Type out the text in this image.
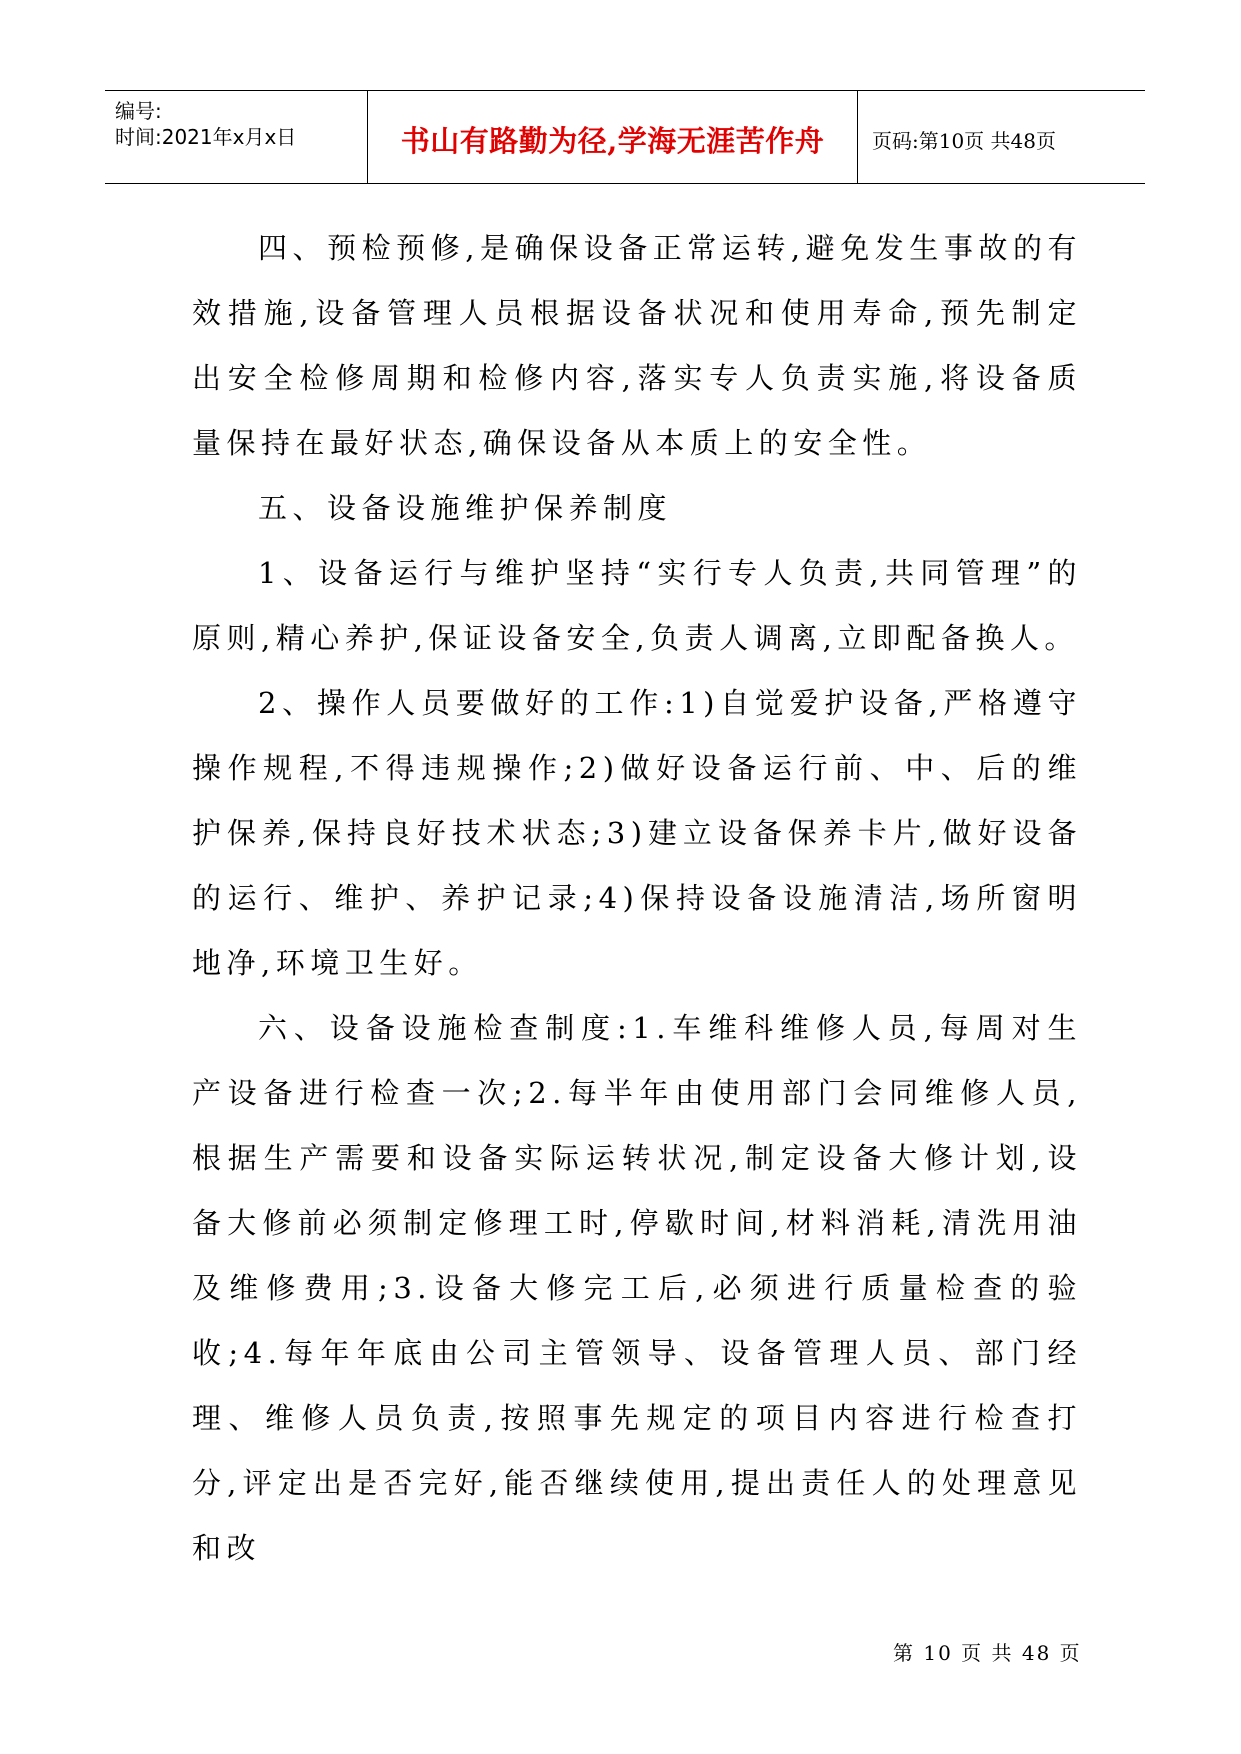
编号:
时间:2021年x月x日	书山有路勤为径,学海无涯苦作舟	页码:第10页 共48页

四、预检预修,是确保设备正常运转,避免发生事故的有效措施,设备管理人员根据设备状况和使用寿命,预先制定出安全检修周期和检修内容,落实专人负责实施,将设备质量保持在最好状态,确保设备从本质上的安全性。

五、设备设施维护保养制度

1、设备运行与维护坚持“实行专人负责,共同管理”的原则,精心养护,保证设备安全,负责人调离,立即配备换人。

2、操作人员要做好的工作:1)自觉爱护设备,严格遵守操作规程,不得违规操作;2)做好设备运行前、中、后的维护保养,保持良好技术状态;3)建立设备保养卡片,做好设备的运行、维护、养护记录;4)保持设备设施清洁,场所窗明地净,环境卫生好。

六、设备设施检查制度:1.车维科维修人员,每周对生产设备进行检查一次;2.每半年由使用部门会同维修人员,根据生产需要和设备实际运转状况,制定设备大修计划,设备大修前必须制定修理工时,停歇时间,材料消耗,清洗用油及维修费用;3.设备大修完工后,必须进行质量检查的验收;4.每年年底由公司主管领导、设备管理人员、部门经理、维修人员负责,按照事先规定的项目内容进行检查打分,评定出是否完好,能否继续使用,提出责任人的处理意见和改

第 10 页 共 48 页
